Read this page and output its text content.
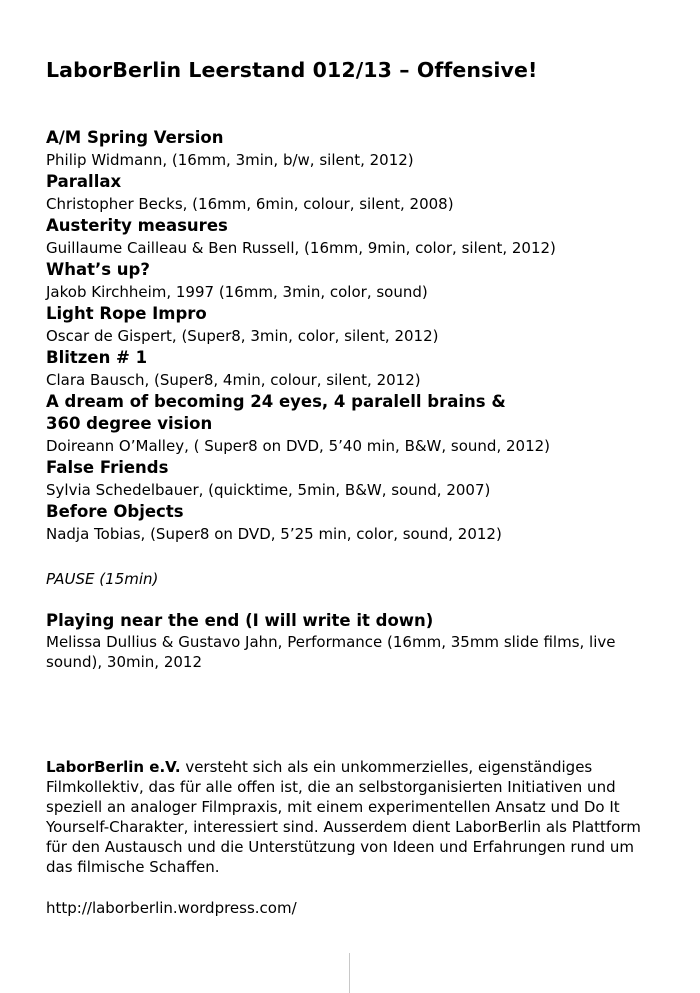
LaborBerlin Leerstand 012/13 – Offensive!

A/M Spring Version

Philip Widmann, (16mm, 3min, b/w, silent, 2012)

Parallax

Christopher Becks, (16mm, 6min, colour, silent, 2008)

Austerity measures

Guillaume Cailleau & Ben Russell, (16mm, 9min, color, silent, 2012)

What’s up?

Jakob Kirchheim, 1997 (16mm, 3min, color, sound)

Light Rope Impro

Oscar de Gispert, (Super8, 3min, color, silent, 2012)

Blitzen # 1

Clara Bausch, (Super8, 4min, colour, silent, 2012)

A dream of becoming 24 eyes, 4 paralell brains &

360 degree vision

Doireann O’Malley, ( Super8 on DVD, 5’40 min, B&W, sound, 2012)

False Friends

Sylvia Schedelbauer, (quicktime, 5min, B&W, sound, 2007)

Before Objects

Nadja Tobias, (Super8 on DVD, 5’25 min, color, sound, 2012)

PAUSE (15min)

Playing near the end (I will write it down)

Melissa Dullius & Gustavo Jahn, Performance (16mm, 35mm slide films, live sound), 30min, 2012

LaborBerlin e.V. versteht sich als ein unkommerzielles, eigenständiges Filmkollektiv, das für alle offen ist, die an selbstorganisierten Initiativen und speziell an analoger Filmpraxis, mit einem experimentellen Ansatz und Do It Yourself-Charakter, interessiert sind. Ausserdem dient LaborBerlin als Plattform für den Austausch und die Unterstützung von Ideen und Erfahrungen rund um das filmische Schaffen.

http://laborberlin.wordpress.com/
